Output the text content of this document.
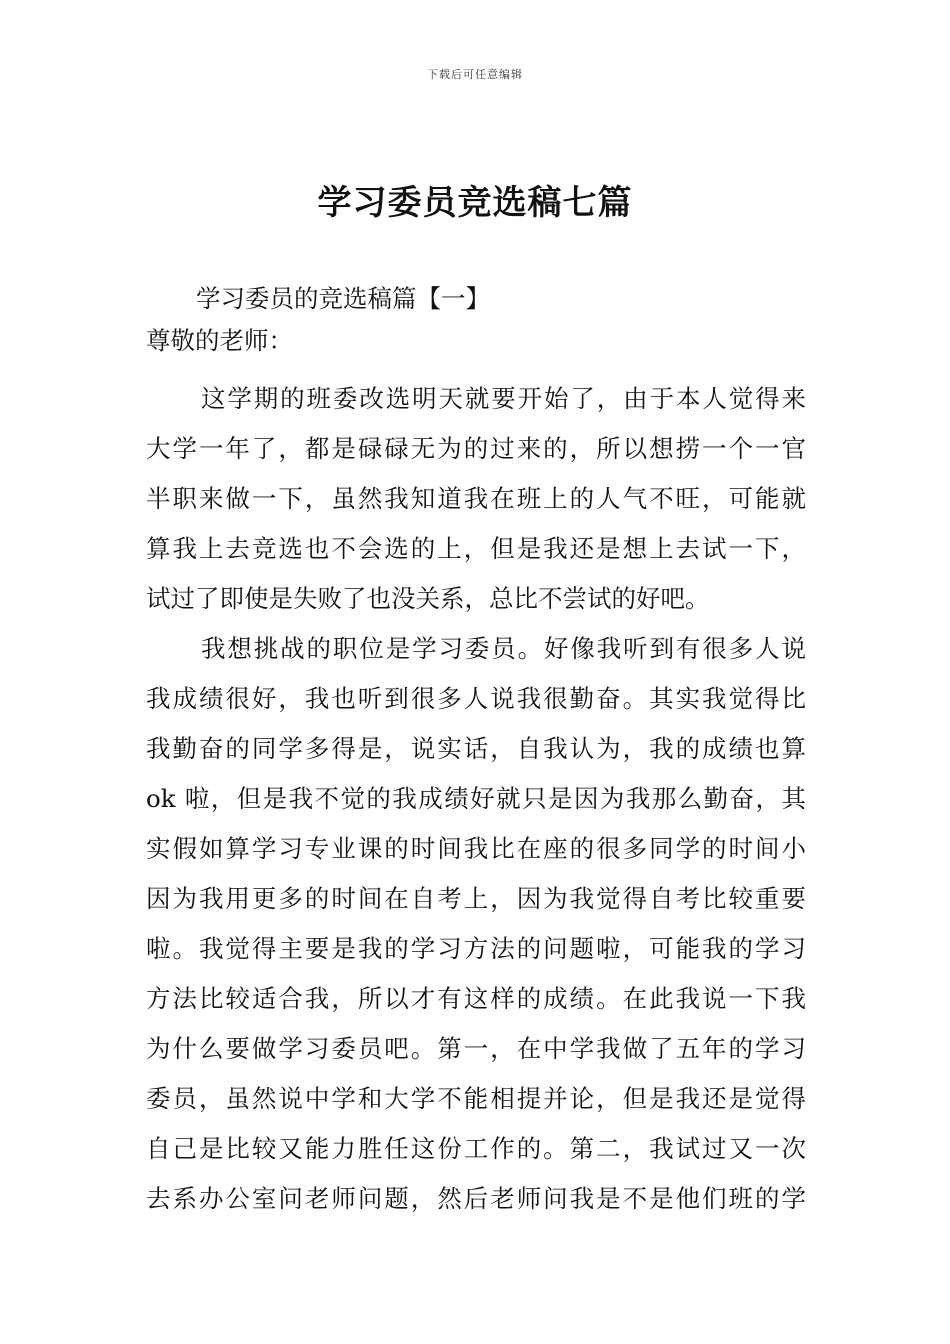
下载后可任意编辑
学习委员竞选稿七篇
学习委员的竞选稿篇【一】
尊敬的老师：
这学期的班委改选明天就要开始了，由于本人觉得来
大学一年了，都是碌碌无为的过来的，所以想捞一个一官
半职来做一下，虽然我知道我在班上的人气不旺，可能就
算我上去竞选也不会选的上，但是我还是想上去试一下，
试过了即使是失败了也没关系，总比不尝试的好吧。
我想挑战的职位是学习委员。好像我听到有很多人说
我成绩很好，我也听到很多人说我很勤奋。其实我觉得比
我勤奋的同学多得是，说实话，自我认为，我的成绩也算
ok 啦，但是我不觉的我成绩好就只是因为我那么勤奋，其
实假如算学习专业课的时间我比在座的很多同学的时间小
因为我用更多的时间在自考上，因为我觉得自考比较重要
啦。我觉得主要是我的学习方法的问题啦，可能我的学习
方法比较适合我，所以才有这样的成绩。在此我说一下我
为什么要做学习委员吧。第一，在中学我做了五年的学习
委员，虽然说中学和大学不能相提并论，但是我还是觉得
自己是比较又能力胜任这份工作的。第二，我试过又一次
去系办公室问老师问题，然后老师问我是不是他们班的学
